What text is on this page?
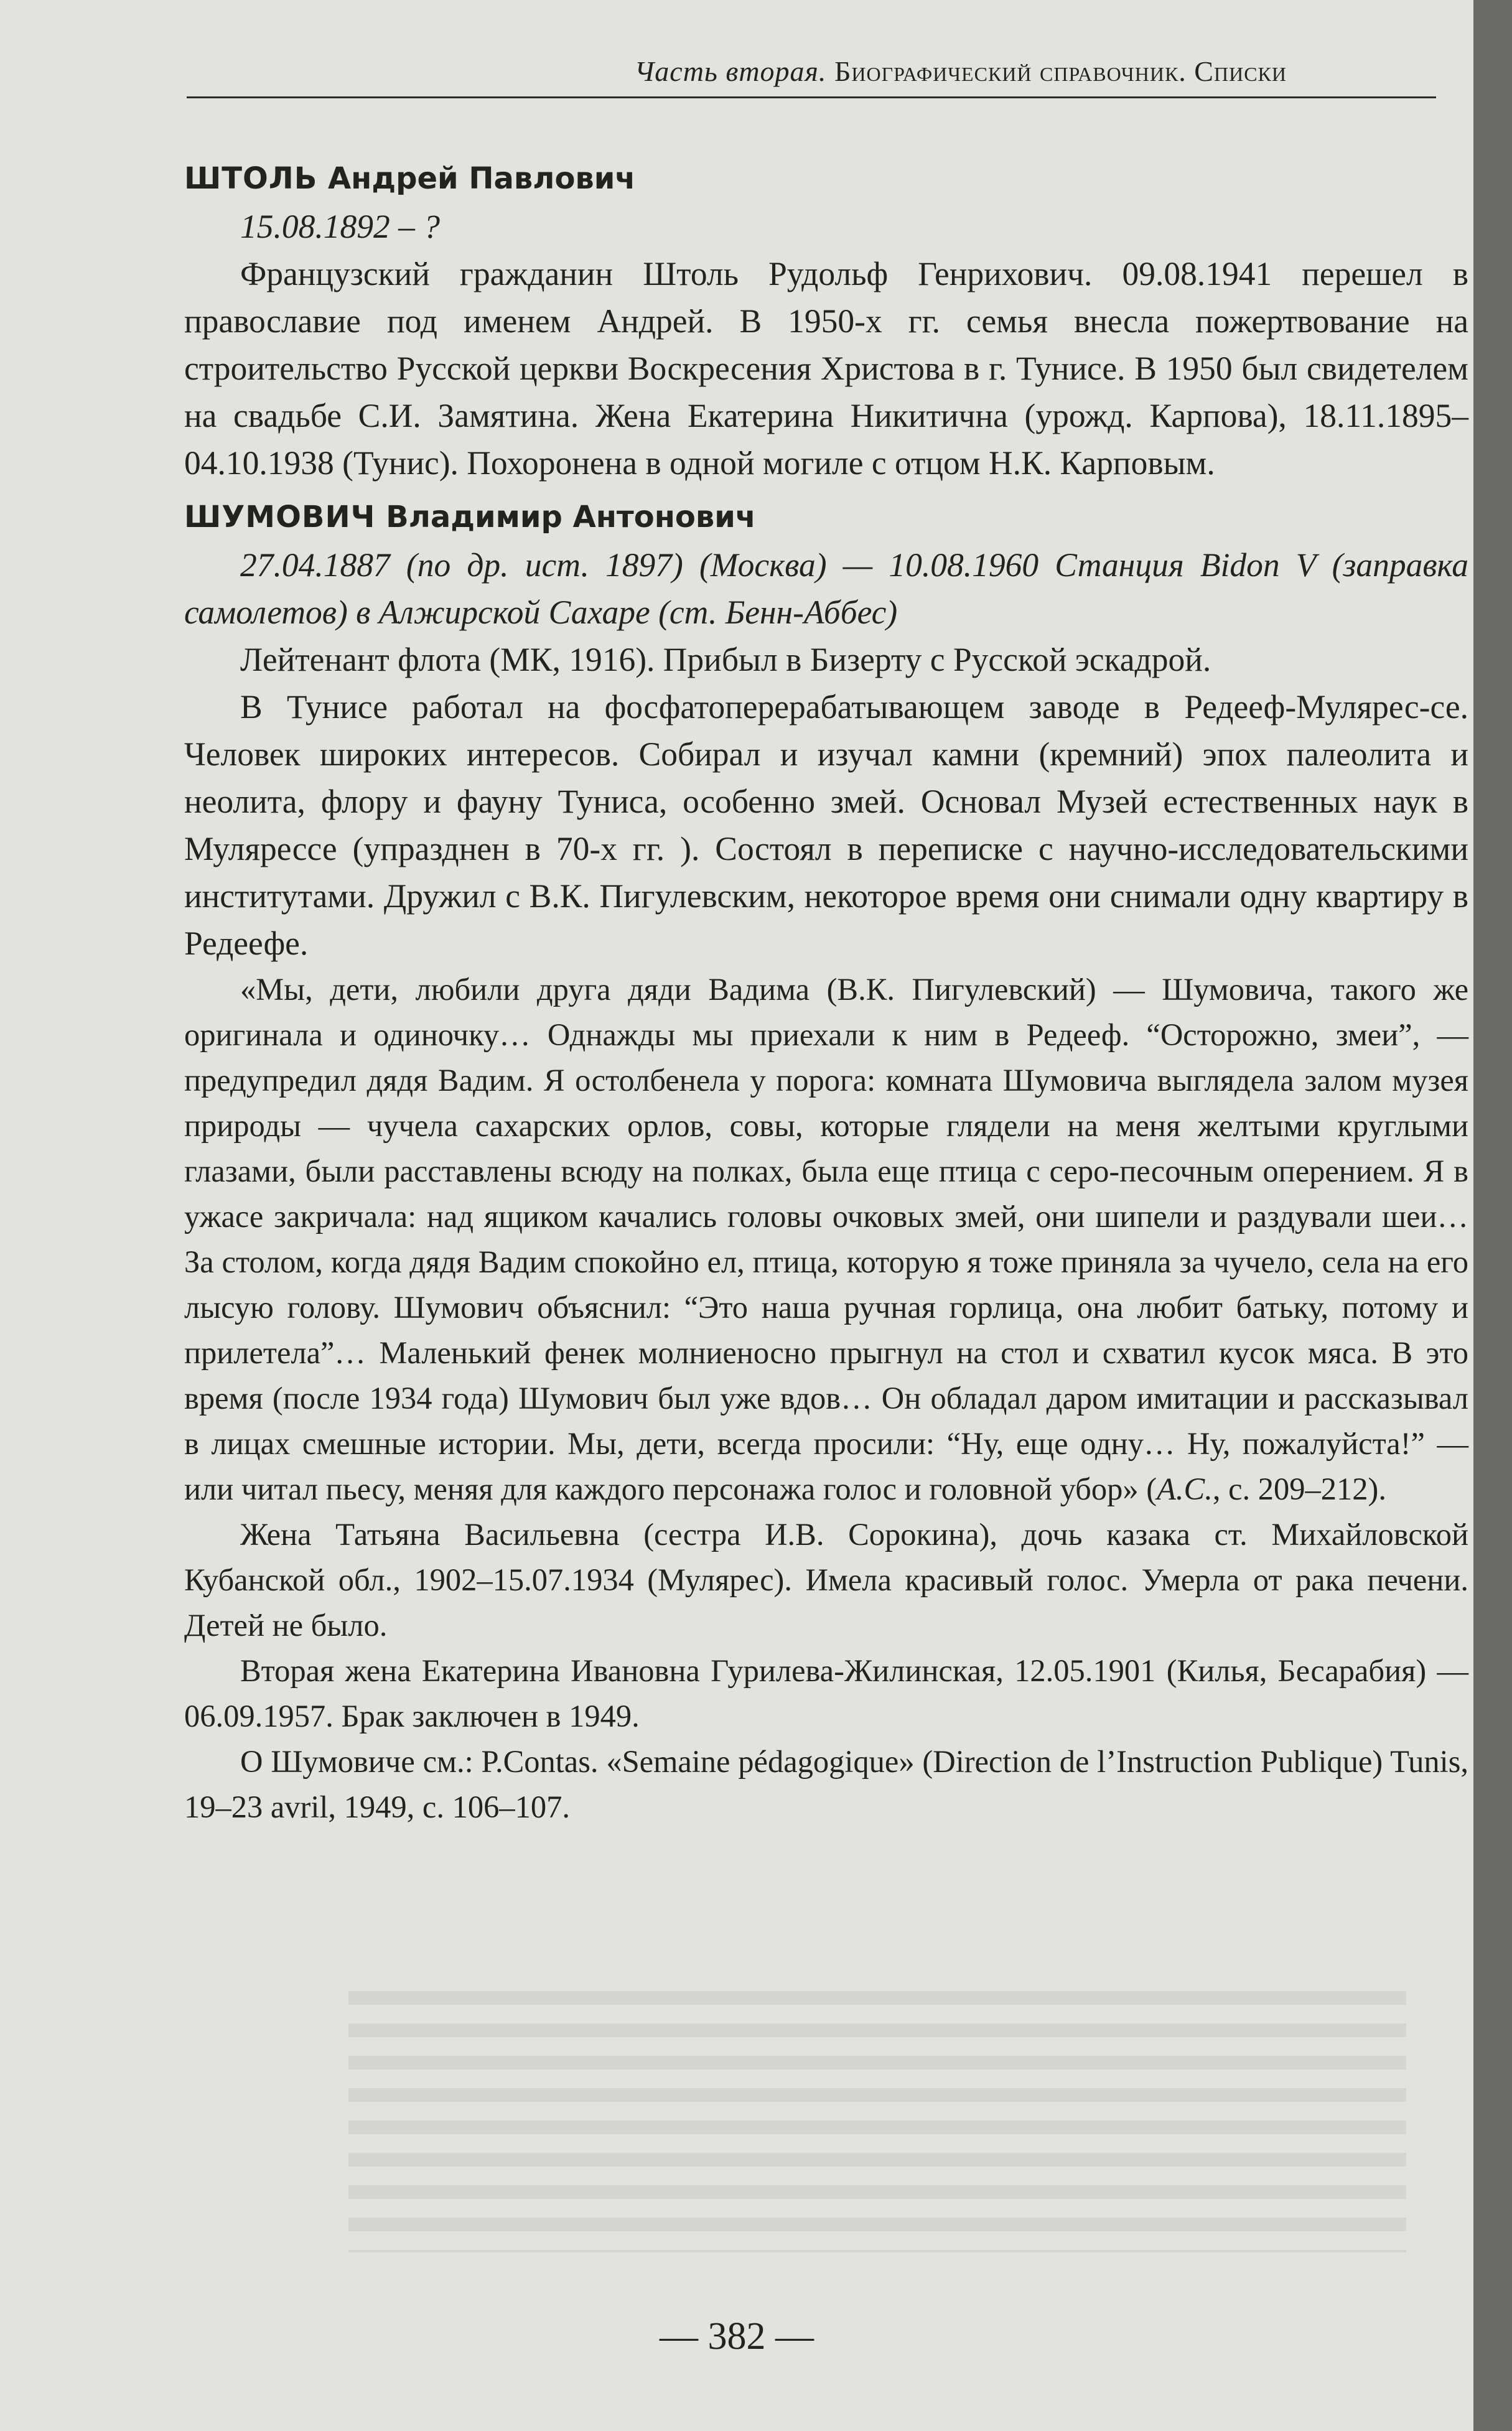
Часть вторая. Биографический справочник. Списки

ШТОЛЬ Андрей Павлович

15.08.1892 – ?

Французский гражданин Штоль Рудольф Генрихович. 09.08.1941 перешел в православие под именем Андрей. В 1950-х гг. семья внесла пожертвование на строительство Русской церкви Воскресения Христова в г. Тунисе. В 1950 был свидетелем на свадьбе С.И. Замятина. Жена Екатерина Никитична (урожд. Карпова), 18.11.1895–04.10.1938 (Тунис). Похоронена в одной могиле с отцом Н.К. Карповым.

ШУМОВИЧ Владимир Антонович

27.04.1887 (по др. ист. 1897) (Москва) — 10.08.1960 Станция Bidon V (заправка самолетов) в Алжирской Сахаре (ст. Бенн-Аббес)

Лейтенант флота (МК, 1916). Прибыл в Бизерту с Русской эскадрой.

В Тунисе работал на фосфатоперерабатывающем заводе в Редееф-Мулярес-се. Человек широких интересов. Собирал и изучал камни (кремний) эпох палеолита и неолита, флору и фауну Туниса, особенно змей. Основал Музей естественных наук в Мулярессе (упразднен в 70-х гг. ). Состоял в переписке с научно-исследовательскими институтами. Дружил с В.К. Пигулевским, некоторое время они снимали одну квартиру в Редеефе.

«Мы, дети, любили друга дяди Вадима (В.К. Пигулевский) — Шумовича, такого же оригинала и одиночку… Однажды мы приехали к ним в Редееф. “Осторожно, змеи”, — предупредил дядя Вадим. Я остолбенела у порога: комната Шумовича выглядела залом музея природы — чучела сахарских орлов, совы, которые глядели на меня желтыми круглыми глазами, были расставлены всюду на полках, была еще птица с серо-песочным оперением. Я в ужасе закричала: над ящиком качались головы очковых змей, они шипели и раздували шеи… За столом, когда дядя Вадим спокойно ел, птица, которую я тоже приняла за чучело, села на его лысую голову. Шумович объяснил: “Это наша ручная горлица, она любит батьку, потому и прилетела”… Маленький фенек молниеносно прыгнул на стол и схватил кусок мяса. В это время (после 1934 года) Шумович был уже вдов… Он обладал даром имитации и рассказывал в лицах смешные истории. Мы, дети, всегда просили: “Ну, еще одну… Ну, пожалуйста!” — или читал пьесу, меняя для каждого персонажа голос и головной убор» (А.С., с. 209–212).

Жена Татьяна Васильевна (сестра И.В. Сорокина), дочь казака ст. Михайловской Кубанской обл., 1902–15.07.1934 (Мулярес). Имела красивый голос. Умерла от рака печени. Детей не было.

Вторая жена Екатерина Ивановна Гурилева-Жилинская, 12.05.1901 (Килья, Бесарабия) — 06.09.1957. Брак заключен в 1949.

О Шумовиче см.: P.Contas. «Semaine pédagogique» (Direction de l’Instruction Publique) Tunis, 19–23 avril, 1949, с. 106–107.

— 382 —
